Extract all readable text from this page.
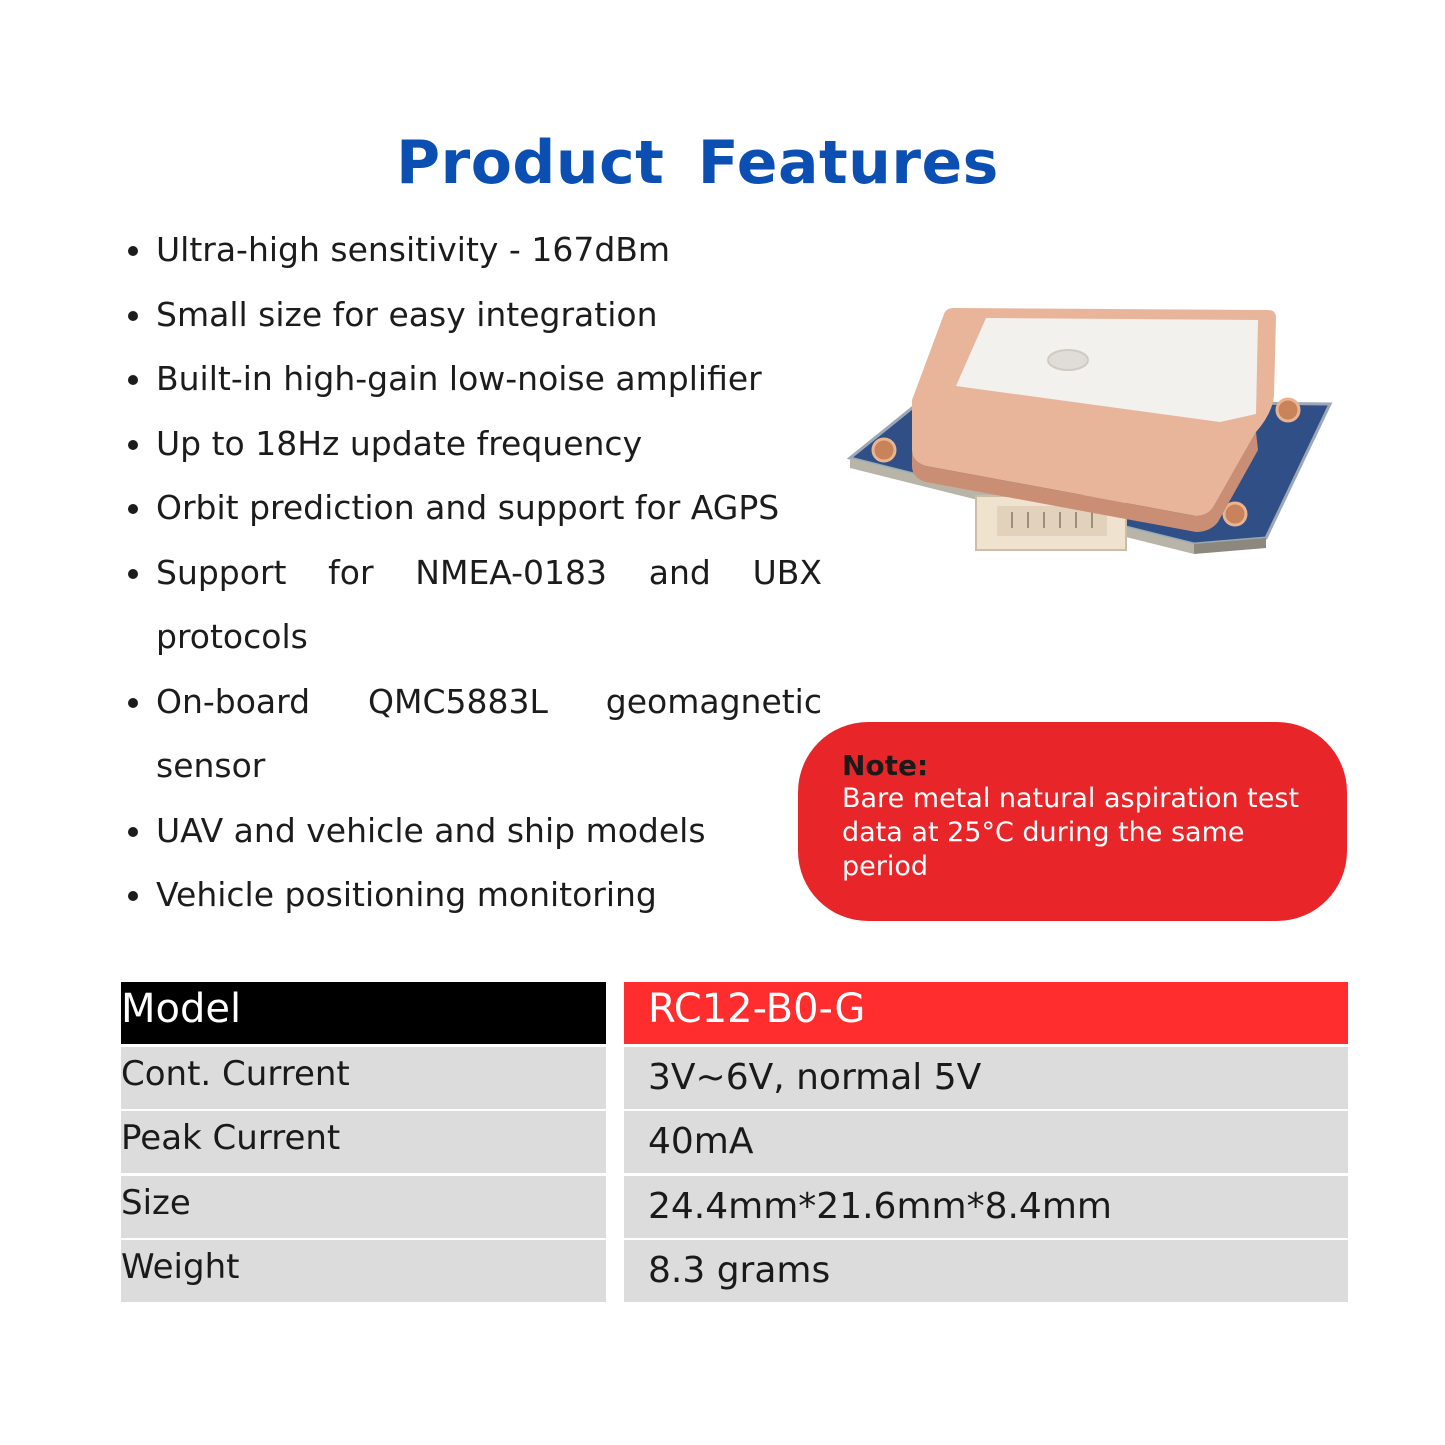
Product Features
Ultra-high sensitivity - 167dBm
Small size for easy integration
Built-in high-gain low-noise amplifier
Up to 18Hz update frequency
Orbit prediction and support for AGPS
Support for NMEA-0183 and UBX protocols
On-board QMC5883L geomagnetic sensor
UAV and vehicle and ship models
Vehicle positioning monitoring
Note:
Bare metal natural aspiration test data at 25°C during the same period
Model	RC12-B0-G
Cont. Current	3V~6V, normal 5V
Peak Current	40mA
Size	24.4mm*21.6mm*8.4mm
Weight	8.3 grams
